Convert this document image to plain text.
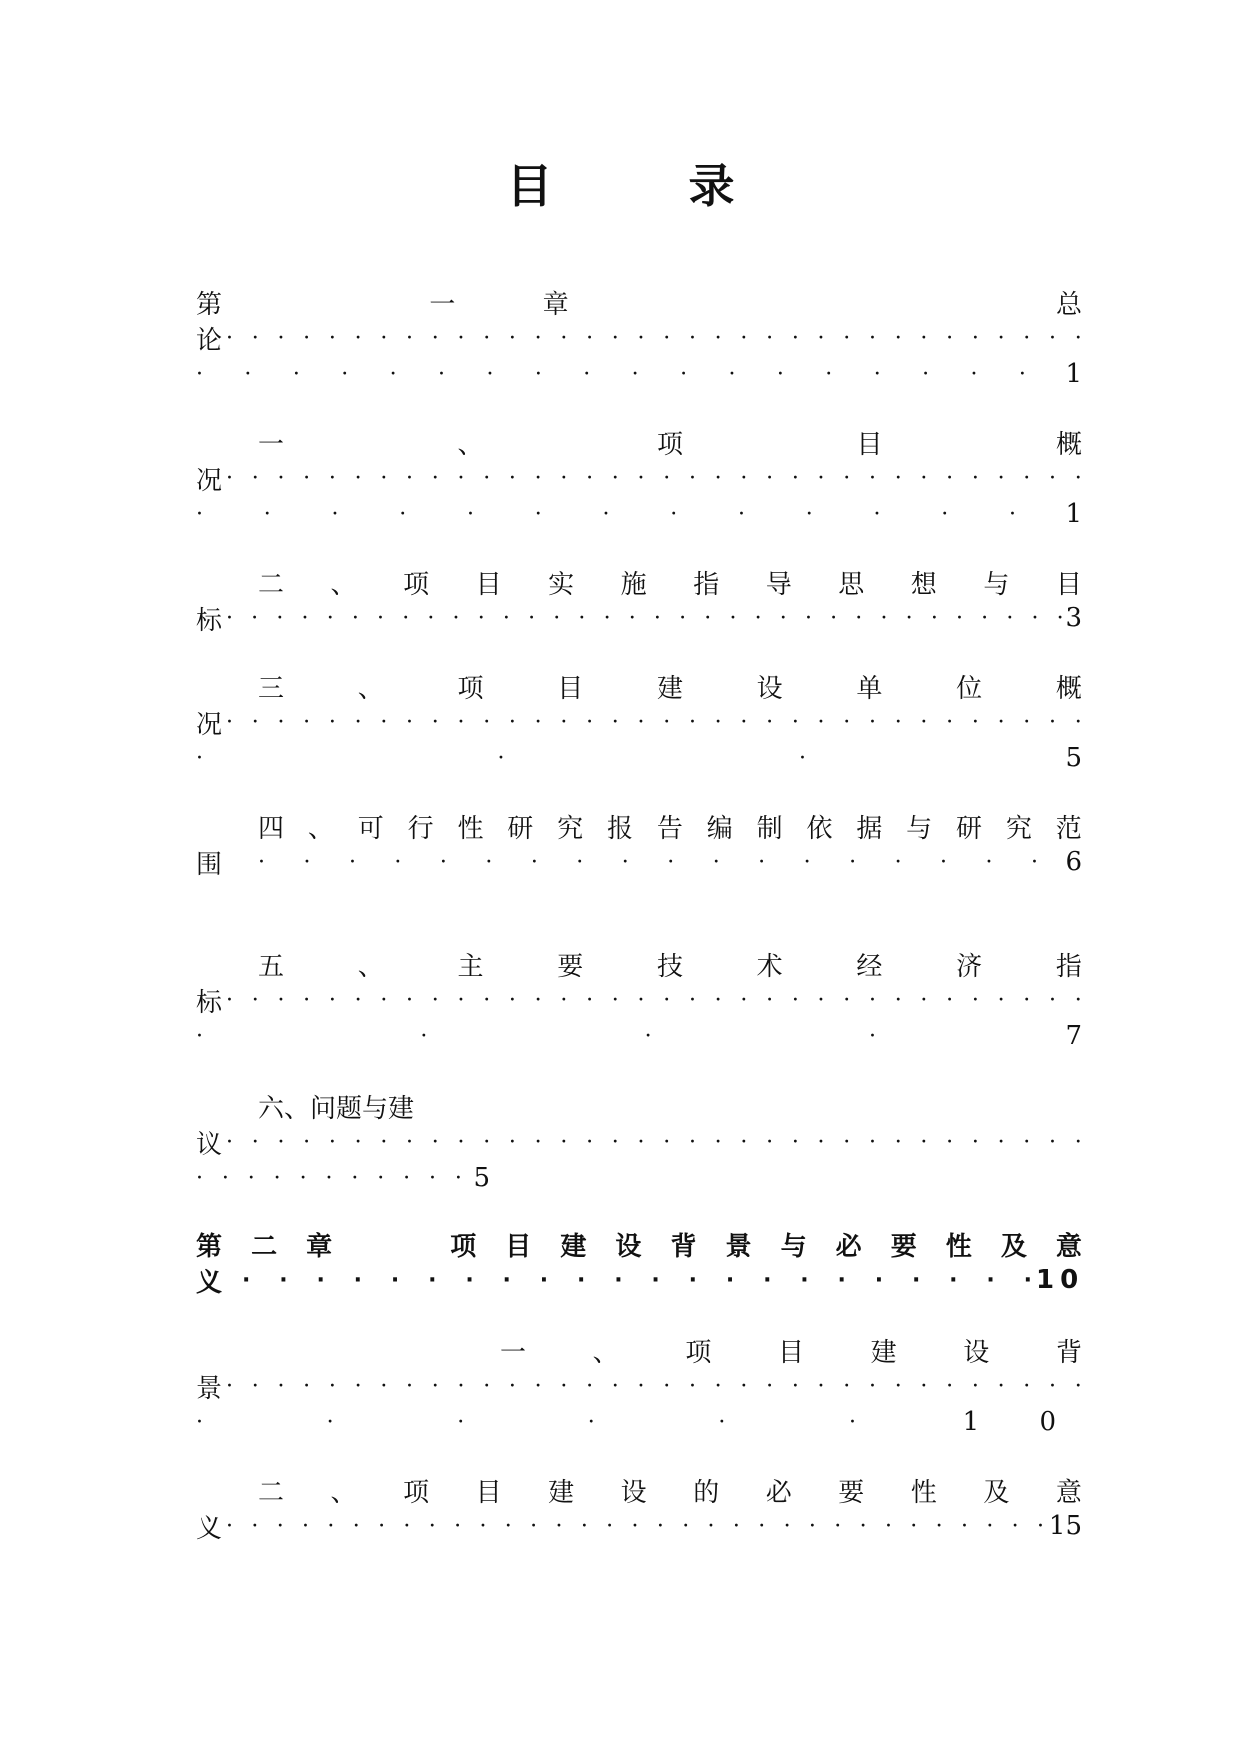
目 录
第	一	章	总
论 · · · · · · · · · · · · · · · · · · · · · · · · · · · · · · · · · ·
· · · · · · · · · · · · · · · · · ·	1
一	、	项	目	概
况 · · · · · · · · · · · · · · · · · · · · · · · · · · · · · · · · · ·
·	·	·	·	·	·	·	·	·	·	·	·	·	1
二 、 项 目 实 施 指 导 思 想 与 目
标 · · · · · · · · · · · · · · · · · · · · · · · · · · · · · · · · · · 3
三	、	项	目	建	设	单	位	概
况 · · · · · · · · · · · · · · · · · · · · · · · · · · · · · · · · · ·
·	·	·	5
四 、 可 行 性 研 究 报 告 编 制 依 据 与 研 究 范
围 · · · · · · · · · · · · · · · · · · 6
五	、	主	要	技	术	经	济	指
标 · · · · · · · · · · · · · · · · · · · · · · · · · · · · · · · · · ·
·	·	·	·	7
六、问题与建
议 · · · · · · · · · · · · · · · · · · · · · · · · · · · · · · · · · ·
· · · · · · · · · · · 5
第 二 章	项 目 建 设 背 景 与 必 要 性 及 意
义 · · · · · · · · · · · · · · · · · · · · · · 10
一	、	项	目	建	设	背
景 · · · · · · · · · · · · · · · · · · · · · · · · · · · · · · · · · ·
·	·	·	·	·	·	1 0
二 、 项 目 建 设 的 必 要 性 及 意
义 · · · · · · · · · · · · · · · · · · · · · · · · · · · · · · · · · 15
